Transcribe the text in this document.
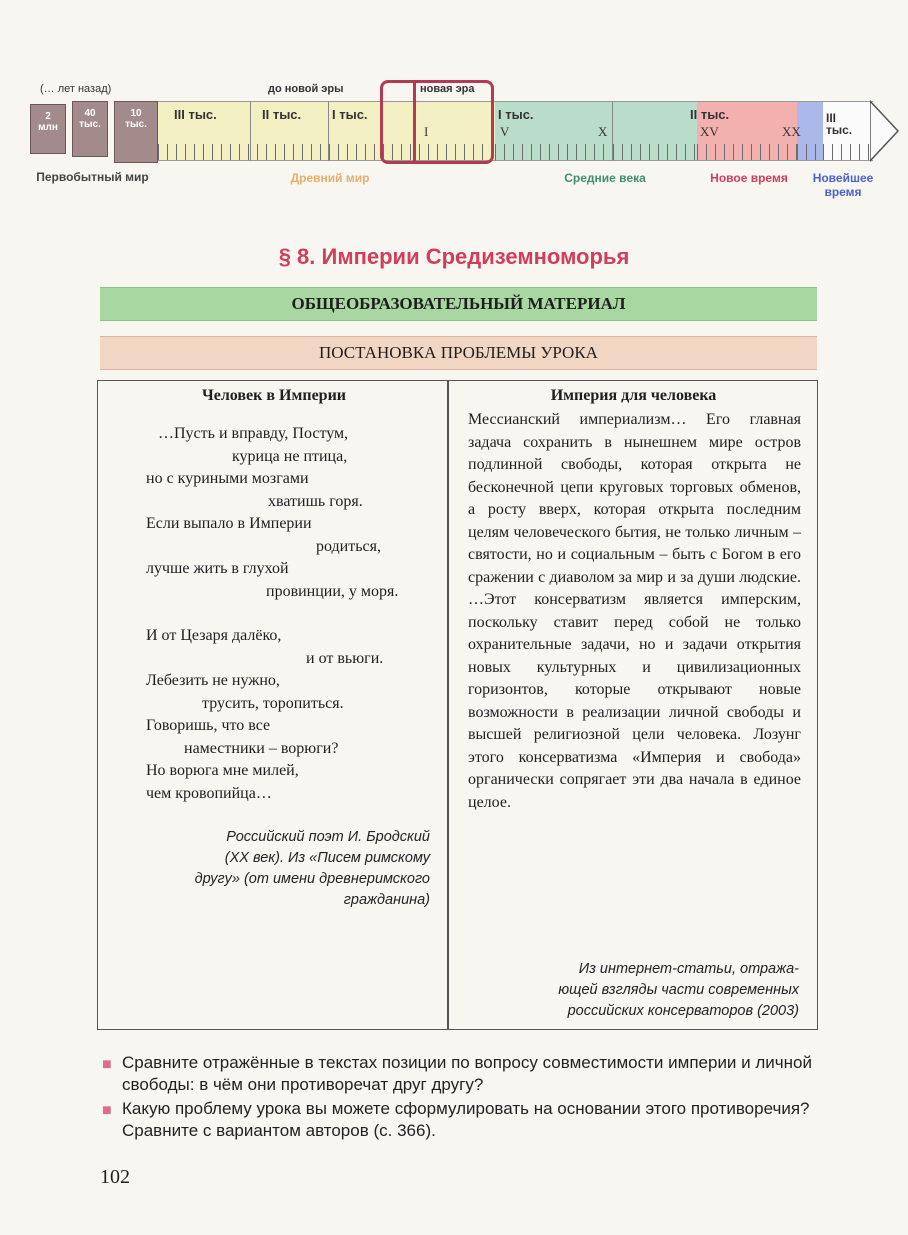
(… лет назад)	до новой эры	новая эра
2
млн
40
тыс.
10
тыс.
III тыс.	II тыс. I тыс.	I тыс.	II тыс.	III тыс.
I	V	X	XV	XX
Первобытный мир	Древний мир	Средние века	Новое время	Новейшее время
§ 8. Империи Средиземноморья
ОБЩЕОБРАЗОВАТЕЛЬНЫЙ МАТЕРИАЛ
ПОСТАНОВКА ПРОБЛЕМЫ УРОКА
Человек в Империи
…Пусть и вправду, Постум,
курица не птица,
но с куриными мозгами
хватишь горя.
Если выпало в Империи
родиться,
лучше жить в глухой
провинции, у моря.
И от Цезаря далёко,
и от вьюги.
Лебезить не нужно,
трусить, торопиться.
Говоришь, что все
наместники – ворюги?
Но ворюга мне милей,
чем кровопийца…
Российский поэт И. Бродский
(XX век). Из «Писем римскому
другу» (от имени древнеримского
гражданина)
Империя для человека
Мессианский империализм… Его главная задача сохранить в нынешнем мире остров подлинной свободы, которая открыта не бесконечной цепи круговых торговых обменов, а росту вверх, которая открыта последним целям человеческого бытия, не только личным – святости, но и социальным – быть с Богом в его сражении с диаволом за мир и за души людские. …Этот консерватизм является имперским, поскольку ставит перед собой не только охранительные задачи, но и задачи открытия новых культурных и цивилизационных горизонтов, которые открывают новые возможности в реализации личной свободы и высшей религиозной цели человека. Лозунг этого консерватизма «Империя и свобода» органически сопрягает эти два начала в единое целое.
Из интернет-статьи, отража-
ющей взгляды части современных
российских консерваторов (2003)
■ Сравните отражённые в текстах позиции по вопросу совместимости империи и личной свободы: в чём они противоречат друг другу?
■ Какую проблему урока вы можете сформулировать на основании этого противоречия? Сравните с вариантом авторов (с. 366).
102
